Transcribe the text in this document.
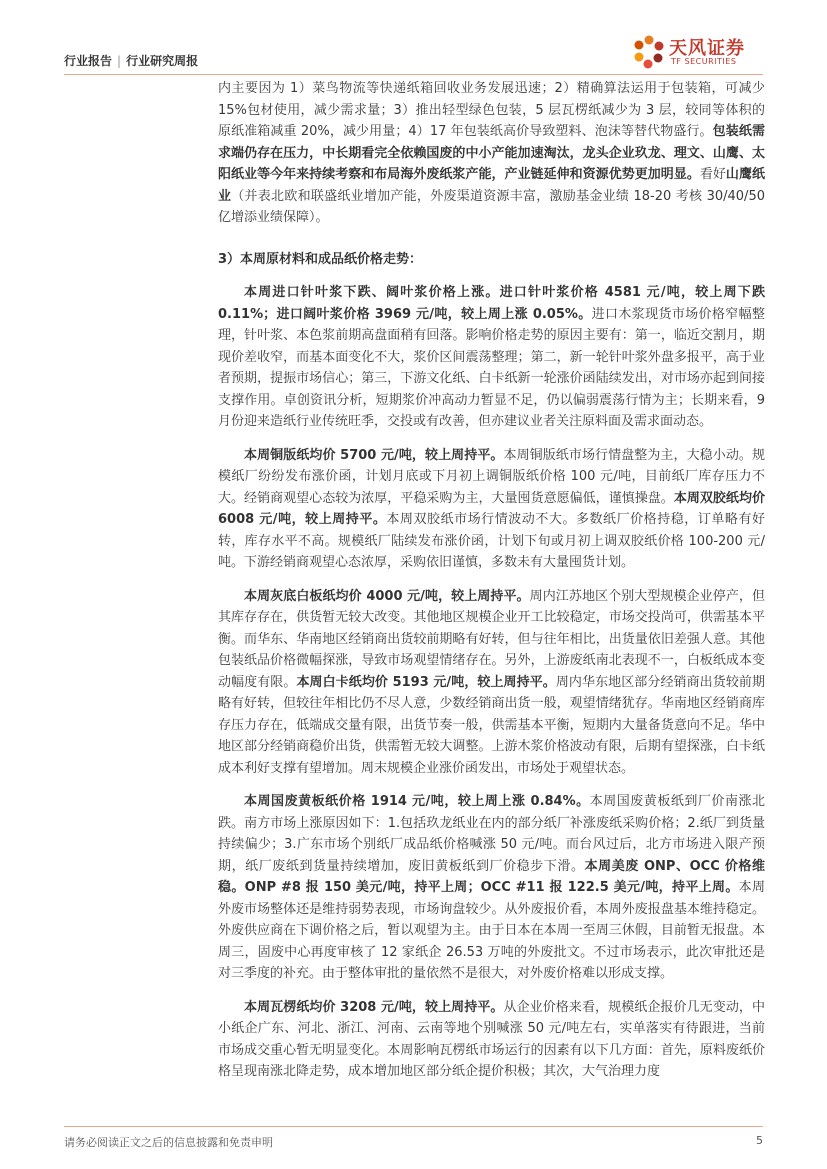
行业报告 | 行业研究周报
天风证券
TF SECURITIES

内主要因为 1）菜鸟物流等快递纸箱回收业务发展迅速；2）精确算法运用于包装箱，可减少 15%包材使用，减少需求量；3）推出轻型绿色包装，5 层瓦楞纸减少为 3 层，较同等体积的原纸准箱减重 20%，减少用量；4）17 年包装纸高价导致塑料、泡沫等替代物盛行。包装纸需求端仍存在压力，中长期看完全依赖国废的中小产能加速淘汰，龙头企业玖龙、理文、山鹰、太阳纸业等今年来持续考察和布局海外废纸浆产能，产业链延伸和资源优势更加明显。看好山鹰纸业（并表北欧和联盛纸业增加产能，外废渠道资源丰富，激励基金业绩 18-20 考核 30/40/50 亿增添业绩保障）。

3）本周原材料和成品纸价格走势：

本周进口针叶浆下跌、阔叶浆价格上涨。进口针叶浆价格 4581 元/吨，较上周下跌 0.11%；进口阔叶浆价格 3969 元/吨，较上周上涨 0.05%。进口木浆现货市场价格窄幅整理，针叶浆、本色浆前期高盘面稍有回落。影响价格走势的原因主要有：第一，临近交割月，期现价差收窄，而基本面变化不大，浆价区间震荡整理；第二，新一轮针叶浆外盘多报平，高于业者预期，提振市场信心；第三，下游文化纸、白卡纸新一轮涨价函陆续发出，对市场亦起到间接支撑作用。卓创资讯分析，短期浆价冲高动力暂显不足，仍以偏弱震荡行情为主；长期来看，9 月份迎来造纸行业传统旺季，交投或有改善，但亦建议业者关注原料面及需求面动态。

本周铜版纸均价 5700 元/吨，较上周持平。本周铜版纸市场行情盘整为主，大稳小动。规模纸厂纷纷发布涨价函，计划月底或下月初上调铜版纸价格 100 元/吨，目前纸厂库存压力不大。经销商观望心态较为浓厚，平稳采购为主，大量囤货意愿偏低，谨慎操盘。本周双胶纸均价 6008 元/吨，较上周持平。本周双胶纸市场行情波动不大。多数纸厂价格持稳，订单略有好转，库存水平不高。规模纸厂陆续发布涨价函，计划下旬或月初上调双胶纸价格 100-200 元/吨。下游经销商观望心态浓厚，采购依旧谨慎，多数未有大量囤货计划。

本周灰底白板纸均价 4000 元/吨，较上周持平。周内江苏地区个别大型规模企业停产，但其库存存在，供货暂无较大改变。其他地区规模企业开工比较稳定，市场交投尚可，供需基本平衡。而华东、华南地区经销商出货较前期略有好转，但与往年相比，出货量依旧差强人意。其他包装纸品价格微幅探涨，导致市场观望情绪存在。另外，上游废纸南北表现不一，白板纸成本变动幅度有限。本周白卡纸均价 5193 元/吨，较上周持平。周内华东地区部分经销商出货较前期略有好转，但较往年相比仍不尽人意，少数经销商出货一般，观望情绪犹存。华南地区经销商库存压力存在，低端成交量有限，出货节奏一般，供需基本平衡，短期内大量备货意向不足。华中地区部分经销商稳价出货，供需暂无较大调整。上游木浆价格波动有限，后期有望探涨，白卡纸成本利好支撑有望增加。周末规模企业涨价函发出，市场处于观望状态。

本周国废黄板纸价格 1914 元/吨，较上周上涨 0.84%。本周国废黄板纸到厂价南涨北跌。南方市场上涨原因如下：1.包括玖龙纸业在内的部分纸厂补涨废纸采购价格；2.纸厂到货量持续偏少；3.广东市场个别纸厂成品纸价格喊涨 50 元/吨。而台风过后，北方市场进入限产预期，纸厂废纸到货量持续增加，废旧黄板纸到厂价稳步下滑。本周美废 ONP、OCC 价格维稳。ONP #8 报 150 美元/吨，持平上周；OCC #11 报 122.5 美元/吨，持平上周。本周外废市场整体还是维持弱势表现，市场询盘较少。从外废报价看，本周外废报盘基本维持稳定。外废供应商在下调价格之后，暂以观望为主。由于日本在本周一至周三休假，目前暂无报盘。本周三，固废中心再度审核了 12 家纸企 26.53 万吨的外废批文。不过市场表示，此次审批还是对三季度的补充。由于整体审批的量依然不是很大，对外废价格难以形成支撑。

本周瓦楞纸均价 3208 元/吨，较上周持平。从企业价格来看，规模纸企报价几无变动，中小纸企广东、河北、浙江、河南、云南等地个别喊涨 50 元/吨左右，实单落实有待跟进，当前市场成交重心暂无明显变化。本周影响瓦楞纸市场运行的因素有以下几方面：首先，原料废纸价格呈现南涨北降走势，成本增加地区部分纸企提价积极；其次，大气治理力度

请务必阅读正文之后的信息披露和免责申明	5
